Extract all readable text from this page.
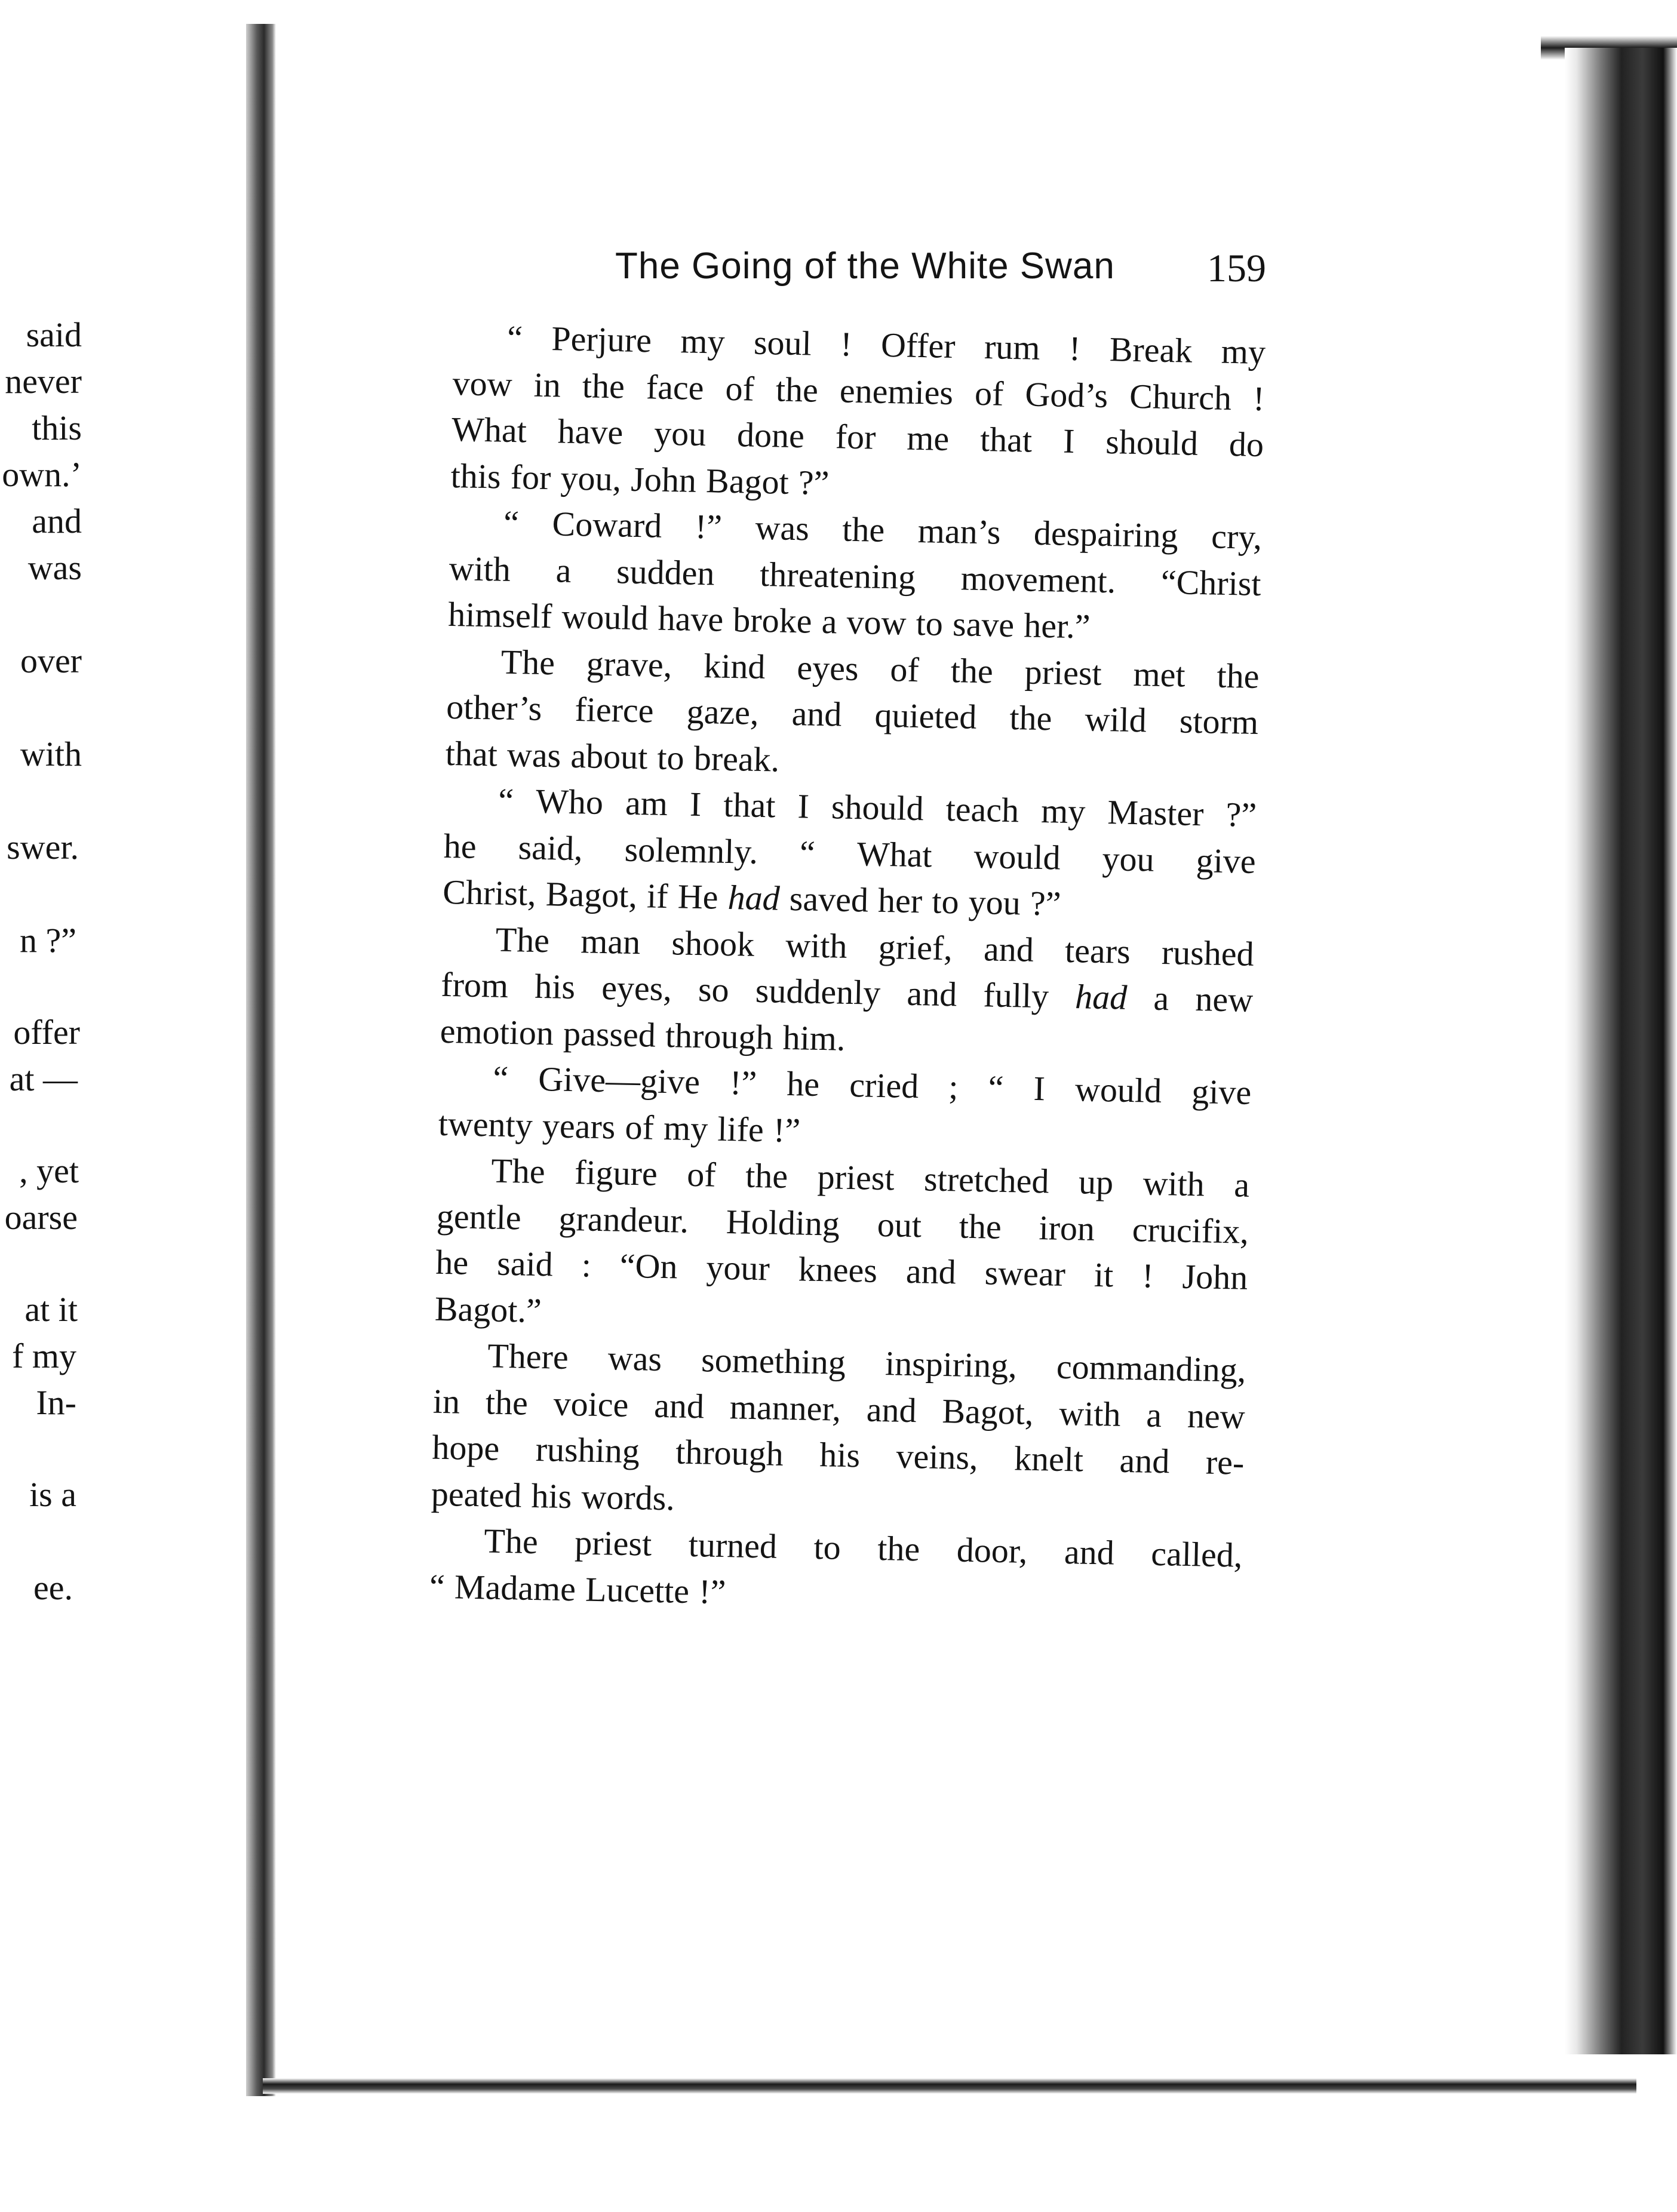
said
never
this
own.’
and
was
over
with
swer.
n ?”
offer
at —
, yet
oarse
at it
f my
In-
is a
ee.
The Going of the White Swan 159
“ Perjure my soul ! Offer rum ! Break my
vow in the face of the enemies of God’s Church !
What have you done for me that I should do
this for you, John Bagot ?”
“ Coward !” was the man’s despairing cry,
with a sudden threatening movement. “Christ
himself would have broke a vow to save her.”
The grave, kind eyes of the priest met the
other’s fierce gaze, and quieted the wild storm
that was about to break.
“ Who am I that I should teach my Master ?”
he said, solemnly. “ What would you give
Christ, Bagot, if He had saved her to you ?”
The man shook with grief, and tears rushed
from his eyes, so suddenly and fully had a new
emotion passed through him.
“ Give—give !” he cried ; “ I would give
twenty years of my life !”
The figure of the priest stretched up with a
gentle grandeur. Holding out the iron crucifix,
he said : “On your knees and swear it ! John
Bagot.”
There was something inspiring, commanding,
in the voice and manner, and Bagot, with a new
hope rushing through his veins, knelt and re-
peated his words.
The priest turned to the door, and called,
“ Madame Lucette !”
